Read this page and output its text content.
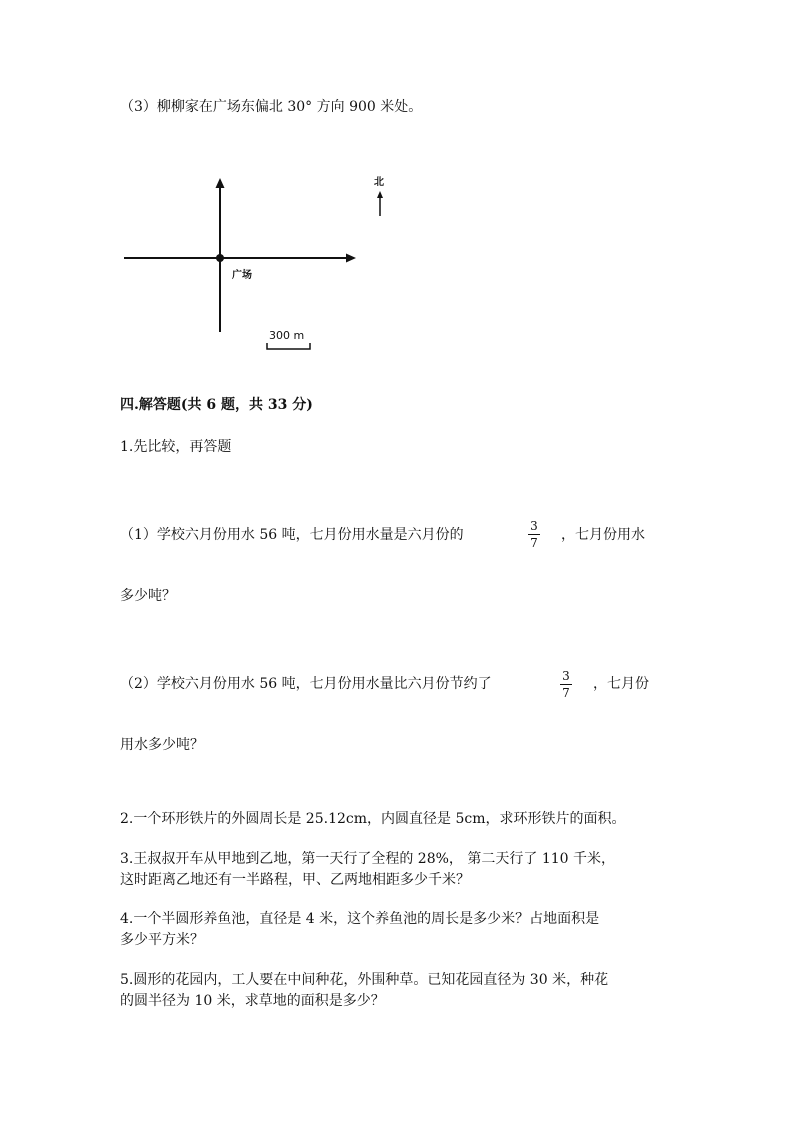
（3）柳柳家在广场东偏北 30° 方向 900 米处。
广场
北
300 m
四.解答题(共 6 题，共 33 分)
1.先比较，再答题
（1）学校六月份用水 56 吨，七月份用水量是六月份的
3
7 ，七月份用水
多少吨？
（2）学校六月份用水 56 吨，七月份用水量比六月份节约了	3
7
，七月份
用水多少吨？
2.一个环形铁片的外圆周长是 25.12cm，内圆直径是 5cm，求环形铁片的面积。
3.王叔叔开车从甲地到乙地，第一天行了全程的 28%， 第二天行了 110 千米，
这时距离乙地还有一半路程，甲、乙两地相距多少千米？
4.一个半圆形养鱼池，直径是 4 米，这个养鱼池的周长是多少米？占地面积是
多少平方米？
5.圆形的花园内，工人要在中间种花，外围种草。已知花园直径为 30 米，种花
的圆半径为 10 米，求草地的面积是多少？
